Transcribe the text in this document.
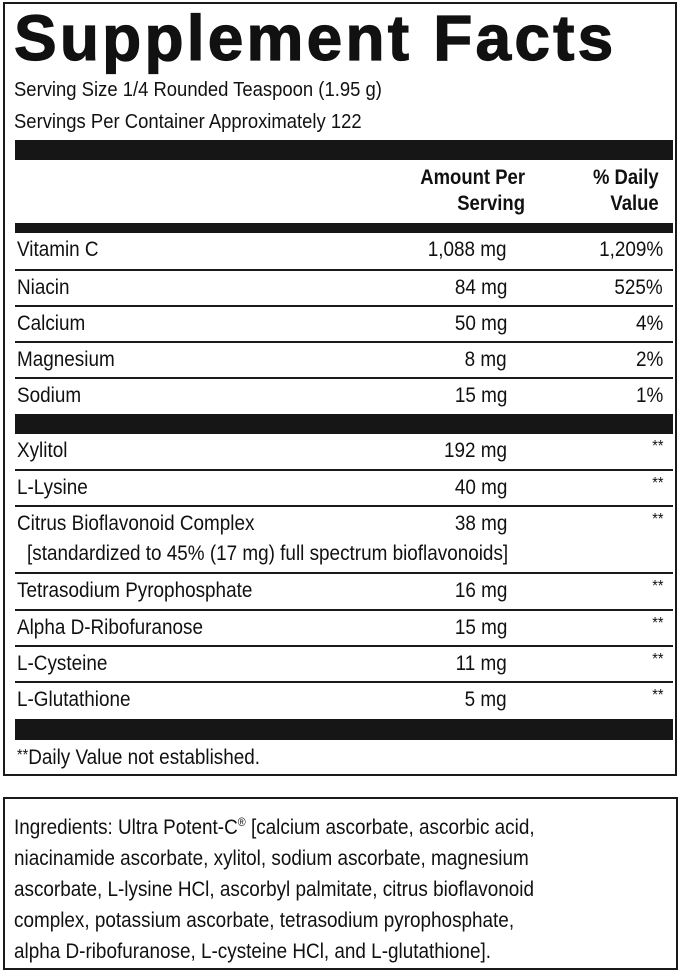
Supplement Facts
Serving Size 1/4 Rounded Teaspoon (1.95 g)
Servings Per Container Approximately 122
Amount Per
Serving
% Daily
Value
Vitamin C	1,088 mg	1,209%
Niacin	84 mg	525%
Calcium	50 mg	4%
Magnesium	8 mg	2%
Sodium	15 mg	1%
Xylitol	192 mg	**
L-Lysine	40 mg	**
Citrus Bioflavonoid Complex	38 mg	**
[standardized to 45% (17 mg) full spectrum bioflavonoids]
Tetrasodium Pyrophosphate	16 mg	**
Alpha D-Ribofuranose	15 mg	**
L-Cysteine	11 mg	**
L-Glutathione	5 mg	**
**Daily Value not established.
Ingredients: Ultra Potent-C® [calcium ascorbate, ascorbic acid,
niacinamide ascorbate, xylitol, sodium ascorbate, magnesium
ascorbate, L-lysine HCl, ascorbyl palmitate, citrus bioflavonoid
complex, potassium ascorbate, tetrasodium pyrophosphate,
alpha D-ribofuranose, L-cysteine HCl, and L-glutathione].
